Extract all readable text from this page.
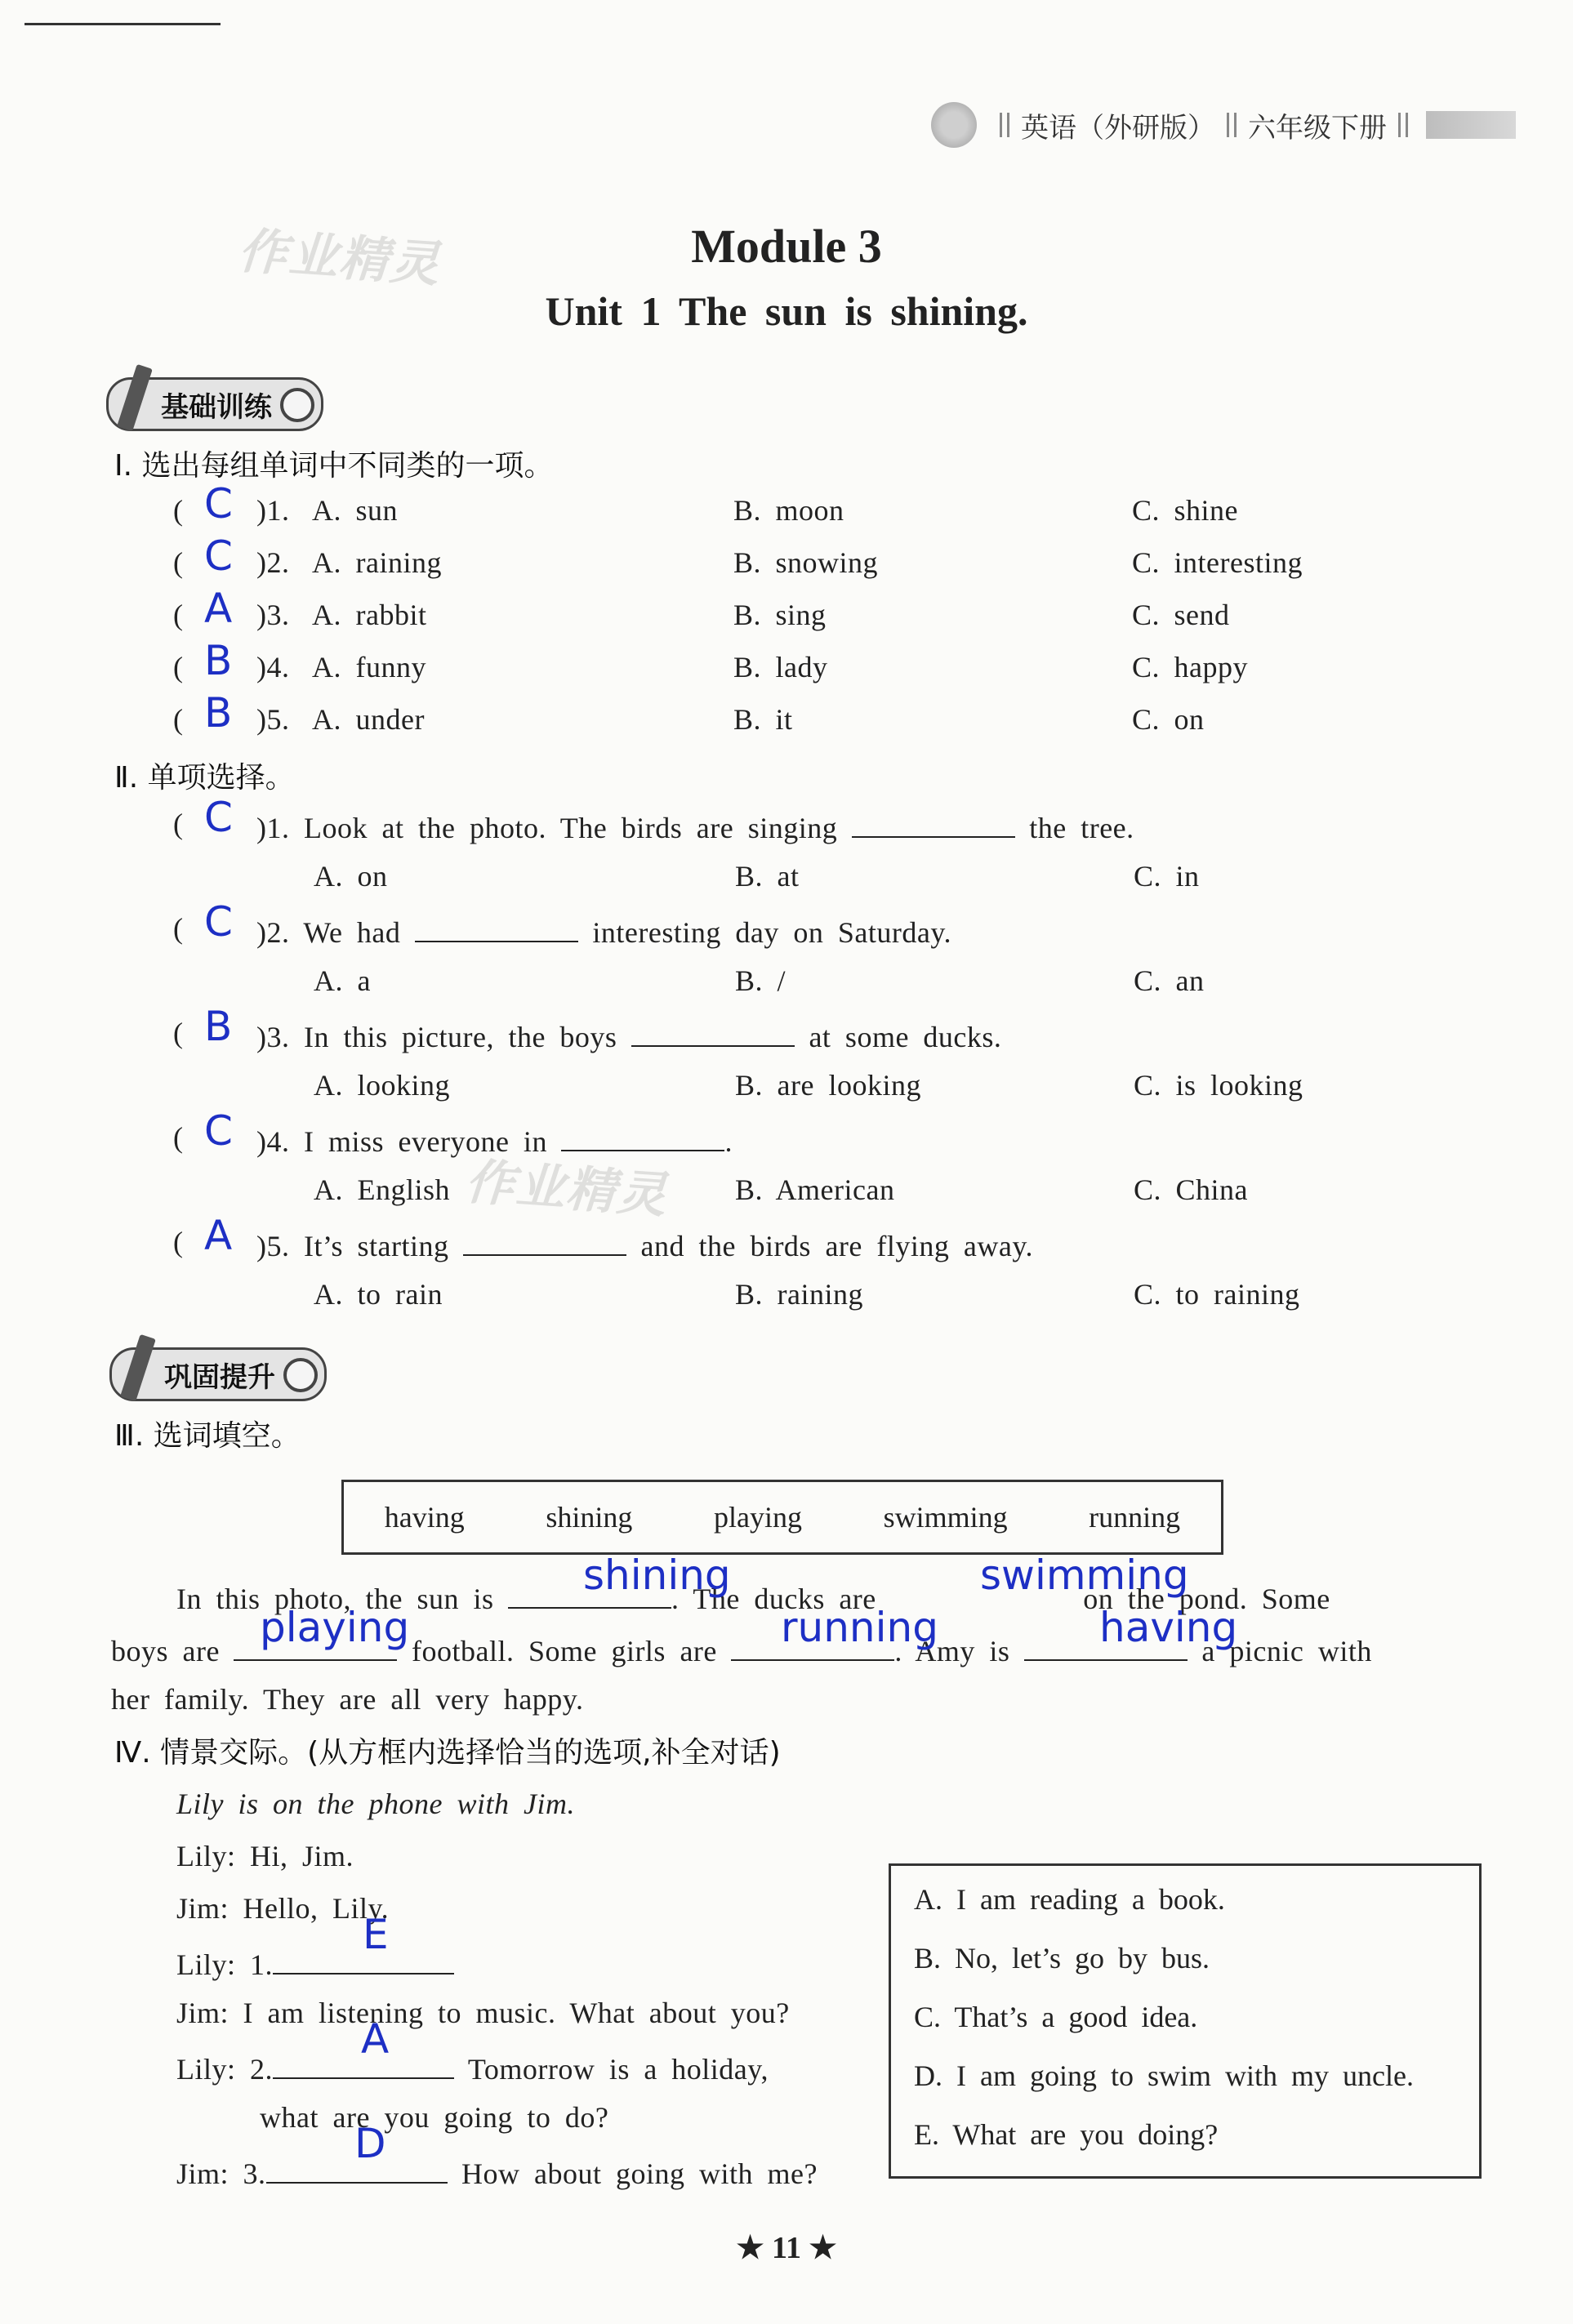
英语（外研版） 六年级下册
作业精灵
作业精灵
Module 3
Unit 1 The sun is shining.
基础训练
Ⅰ. 选出每组单词中不同类的一项。
( C )1. A. sun	B. moon	C. shine
( C )2. A. raining	B. snowing	C. interesting
( A )3. A. rabbit	B. sing	C. send
( B )4. A. funny	B. lady	C. happy
( B )5. A. under	B. it	C. on
Ⅱ. 单项选择。
( C )1. Look at the photo. The birds are singing	the tree.
A. on	B. at	C. in
( C )2. We had	interesting day on Saturday.
A. a	B. /	C. an
( B )3. In this picture, the boys	at some ducks.
A. looking	B. are looking	C. is looking
( C )4. I miss everyone in	.
A. English	B. American	C. China
( A )5. It’s starting	and the birds are flying away.
A. to rain	B. raining	C. to raining
巩固提升
Ⅲ. 选词填空。
having	shining	playing	swimming	running
In this photo, the sun is	. The ducks are	on the pond. Some
shining	swimming
boys are	football. Some girls are	. Amy is	a picnic with
playing	running	having
her family. They are all very happy.
Ⅳ. 情景交际。(从方框内选择恰当的选项,补全对话)
Lily is on the phone with Jim.
Lily: Hi, Jim.
Jim: Hello, Lily.
Lily: 1.
E
Jim: I am listening to music. What about you?
Lily: 2.	Tomorrow is a holiday,
A
what are you going to do?
Jim: 3.	How about going with me?
D
A. I am reading a book.
B. No, let’s go by bus.
C. That’s a good idea.
D. I am going to swim with my uncle.
E. What are you doing?
★ 11 ★
